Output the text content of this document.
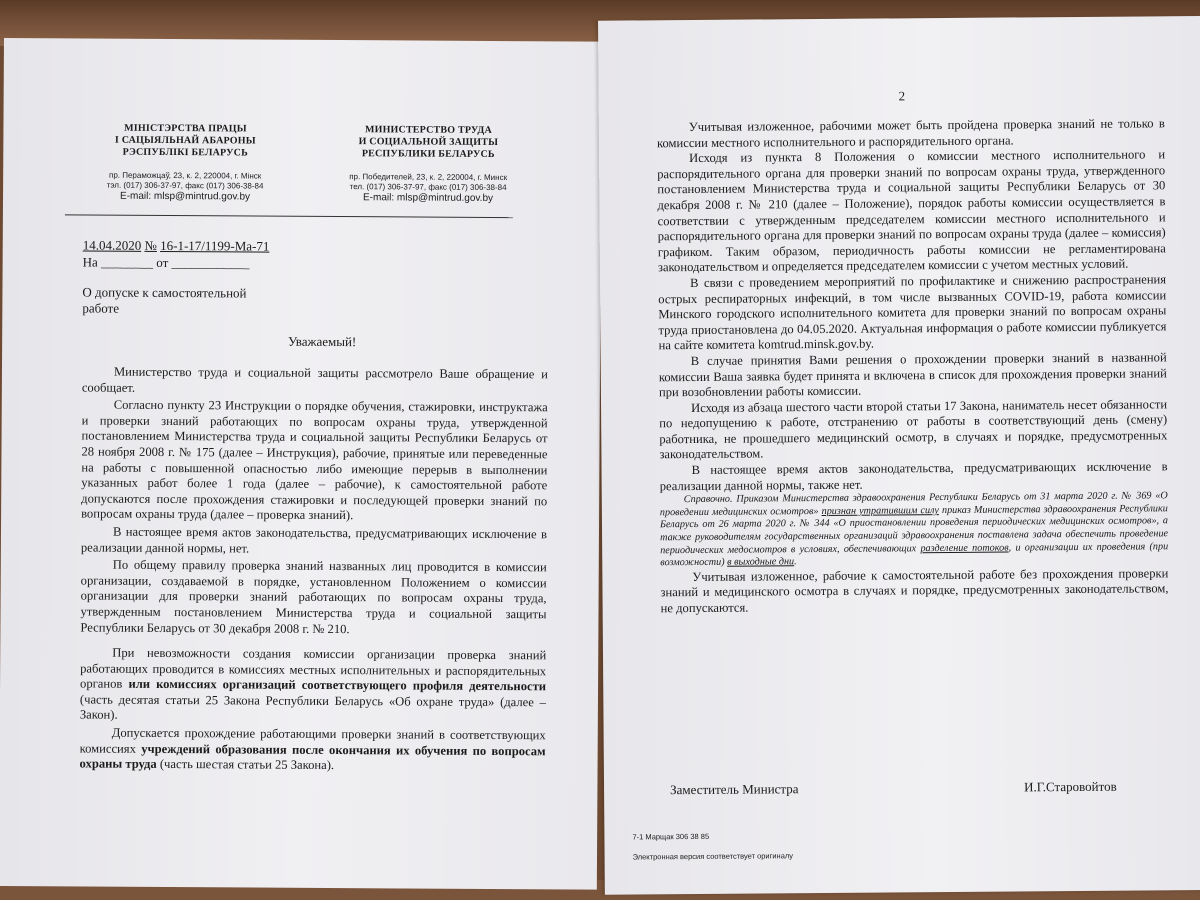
МІНІСТЭРСТВА ПРАЦЫ
І САЦЫЯЛЬНАЙ АБАРОНЫ
РЭСПУБЛІКІ БЕЛАРУСЬ
пр. Пераможцаў, 23, к. 2, 220004, г. Мінск
тэл. (017) 306-37-97, факс (017) 306-38-84
E-mail: mlsp@mintrud.gov.by
МИНИСТЕРСТВО ТРУДА
И СОЦИАЛЬНОЙ ЗАЩИТЫ
РЕСПУБЛИКИ БЕЛАРУСЬ
пр. Победителей, 23, к. 2, 220004, г. Минск
тел. (017) 306-37-97, факс (017) 306-38-84
E-mail: mlsp@mintrud.gov.by
14.04.2020 № 16-1-17/1199-Ма-71
На ________ от ____________
О допуске к самостоятельной
работе
Уважаемый!

Министерство труда и социальной защиты рассмотрело Ваше обращение и сообщает.

Согласно пункту 23 Инструкции о порядке обучения, стажировки, инструктажа и проверки знаний работающих по вопросам охраны труда, утвержденной постановлением Министерства труда и социальной защиты Республики Беларусь от 28 ноября 2008 г. № 175 (далее – Инструкция), рабочие, принятые или переведенные на работы с повышенной опасностью либо имеющие перерыв в выполнении указанных работ более 1 года (далее – рабочие), к самостоятельной работе допускаются после прохождения стажировки и последующей проверки знаний по вопросам охраны труда (далее – проверка знаний).

В настоящее время актов законодательства, предусматривающих исключение в реализации данной нормы, нет.

По общему правилу проверка знаний названных лиц проводится в комиссии организации, создаваемой в порядке, установленном Положением о комиссии организации для проверки знаний работающих по вопросам охраны труда, утвержденным постановлением Министерства труда и социальной защиты Республики Беларусь от 30 декабря 2008 г. № 210.

При невозможности создания комиссии организации проверка знаний работающих проводится в комиссиях местных исполнительных и распорядительных органов или комиссиях организаций соответствующего профиля деятельности (часть десятая статьи 25 Закона Республики Беларусь «Об охране труда» (далее – Закон).

Допускается прохождение работающими проверки знаний в соответствующих комиссиях учреждений образования после окончания их обучения по вопросам охраны труда (часть шестая статьи 25 Закона).

2

Учитывая изложенное, рабочими может быть пройдена проверка знаний не только в комиссии местного исполнительного и распорядительного органа.

Исходя из пункта 8 Положения о комиссии местного исполнительного и распорядительного органа для проверки знаний по вопросам охраны труда, утвержденного постановлением Министерства труда и социальной защиты Республики Беларусь от 30 декабря 2008 г. № 210 (далее – Положение), порядок работы комиссии осуществляется в соответствии с утвержденным председателем комиссии местного исполнительного и распорядительного органа для проверки знаний по вопросам охраны труда (далее – комиссия) графиком. Таким образом, периодичность работы комиссии не регламентирована законодательством и определяется председателем комиссии с учетом местных условий.

В связи с проведением мероприятий по профилактике и снижению распространения острых респираторных инфекций, в том числе вызванных COVID-19, работа комиссии Минского городского исполнительного комитета для проверки знаний по вопросам охраны труда приостановлена до 04.05.2020. Актуальная информация о работе комиссии публикуется на сайте комитета komtrud.minsk.gov.by.

В случае принятия Вами решения о прохождении проверки знаний в названной комиссии Ваша заявка будет принята и включена в список для прохождения проверки знаний при возобновлении работы комиссии.

Исходя из абзаца шестого части второй статьи 17 Закона, наниматель несет обязанности по недопущению к работе, отстранению от работы в соответствующий день (смену) работника, не прошедшего медицинский осмотр, в случаях и порядке, предусмотренных законодательством.

В настоящее время актов законодательства, предусматривающих исключение в реализации данной нормы, также нет.

Справочно. Приказом Министерства здравоохранения Республики Беларусь от 31 марта 2020 г. № 369 «О проведении медицинских осмотров» признан утратившим силу приказ Министерства здравоохранения Республики Беларусь от 26 марта 2020 г. № 344 «О приостановлении проведения периодических медицинских осмотров», а также руководителям государственных организаций здравоохранения поставлена задача обеспечить проведение периодических медосмотров в условиях, обеспечивающих разделение потоков, и организации их проведения (при возможности) в выходные дни.

Учитывая изложенное, рабочие к самостоятельной работе без прохождения проверки знаний и медицинского осмотра в случаях и порядке, предусмотренных законодательством, не допускаются.

Заместитель Министра	И.Г.Старовойтов
7-1 Марщак 306 38 85
Электронная версия соответствует оригиналу
